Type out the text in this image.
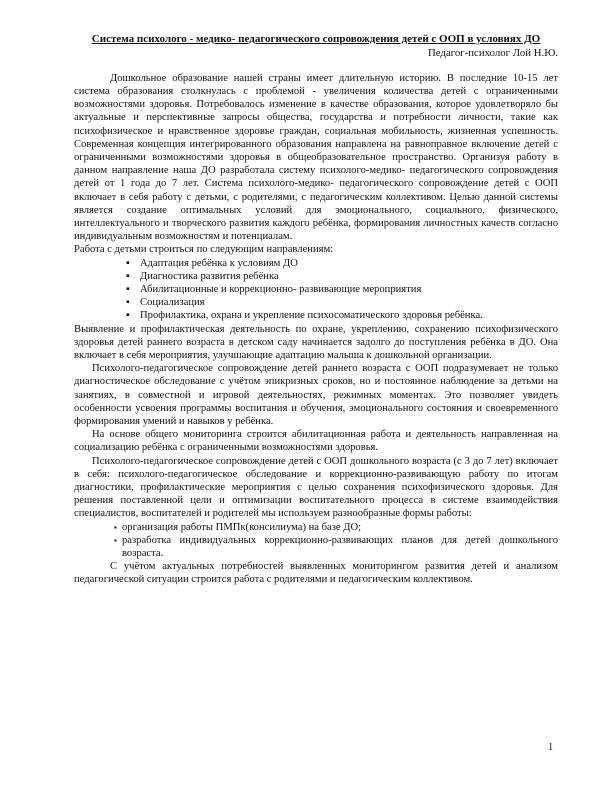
Система психолого - медико- педагогического сопровождения детей с ООП в условиях ДО
Педагог-психолог Лой Н.Ю.

Дошкольное образование нашей страны имеет длительную историю. В последние 10-15 лет система образования столкнулась с проблемой - увеличения количества детей с ограниченными возможностями здоровья. Потребовалось изменение в качестве образования, которое удовлетворяло бы актуальные и перспективные запросы общества, государства и потребности личности, такие как психофизическое и нравственное здоровье граждан, социальная мобильность, жизненная успешность. Современная концепция интегрированного образования направлена на равноправное включение детей с ограниченными возможностями здоровья в общеобразовательное пространство. Организуя работу в данном направление наша ДО разработала систему психолого-медико- педагогического сопровождения детей от 1 года до 7 лет. Система психолого-медико- педагогического сопровождение детей с ООП включает в себя работу с детьми, с родителями, с педагогическим коллективом. Целью данной системы является создание оптимальных условий для эмоционального, социального, физического, интеллектуального и творческого развития каждого ребёнка, формирования личностных качеств согласно индивидуальным возможностям и потенциалам.

Работа с детьми строиться по следующим направлениям:

▪ Адаптация ребёнка к условиям ДО
▪ Диагностика развития ребёнка
▪ Абилитационные и коррекционно- развивающие мероприятия
▪ Социализация
▪ Профилактика, охрана и укрепление психосоматического здоровья ребёнка.

Выявление и профилактическая деятельность по охране, укреплению, сохранению психофизического здоровья детей раннего возраста в детском саду начинается задолго до поступления ребёнка в ДО. Она включает в себя мероприятия, улучшающие адаптацию малыша к дошкольной организации.

Психолого-педагогическое сопровождение детей раннего возраста с ООП подразумевает не только диагностическое обследование с учётом эпикризных сроков, но и постоянное наблюдение за детьми на занятиях, в совместной и игровой деятельностях, режимных моментах. Это позволяет увидеть особенности усвоения программы воспитания и обучения, эмоционального состояния и своевременного формирования умений и навыков у ребёнка.

На основе общего мониторинга строится абилитационная работа и деятельность направленная на социализацию ребёнка с ограниченными возможностями здоровья.

Психолого-педагогическое сопровождение детей с ООП дошкольного возраста (с 3 до 7 лет) включает в себя: психолого-педагогическое обследование и коррекционно-развивающую работу по итогам диагностики, профилактические мероприятия с целью сохранения психофизического здоровья. Для решения поставленной цели и оптимизации воспитательного процесса в системе взаимодействия специалистов, воспитателей и родителей мы используем разнообразные формы работы:

▪ организация работы ПМПк(консилиума) на базе ДО;
▪ разработка индивидуальных коррекционно-развивающих планов для детей дошкольного возраста.

С учётом актуальных потребностей выявленных мониторингом развития детей и анализом педагогической ситуации строится работа с родителями и педагогическим коллективом.

1
